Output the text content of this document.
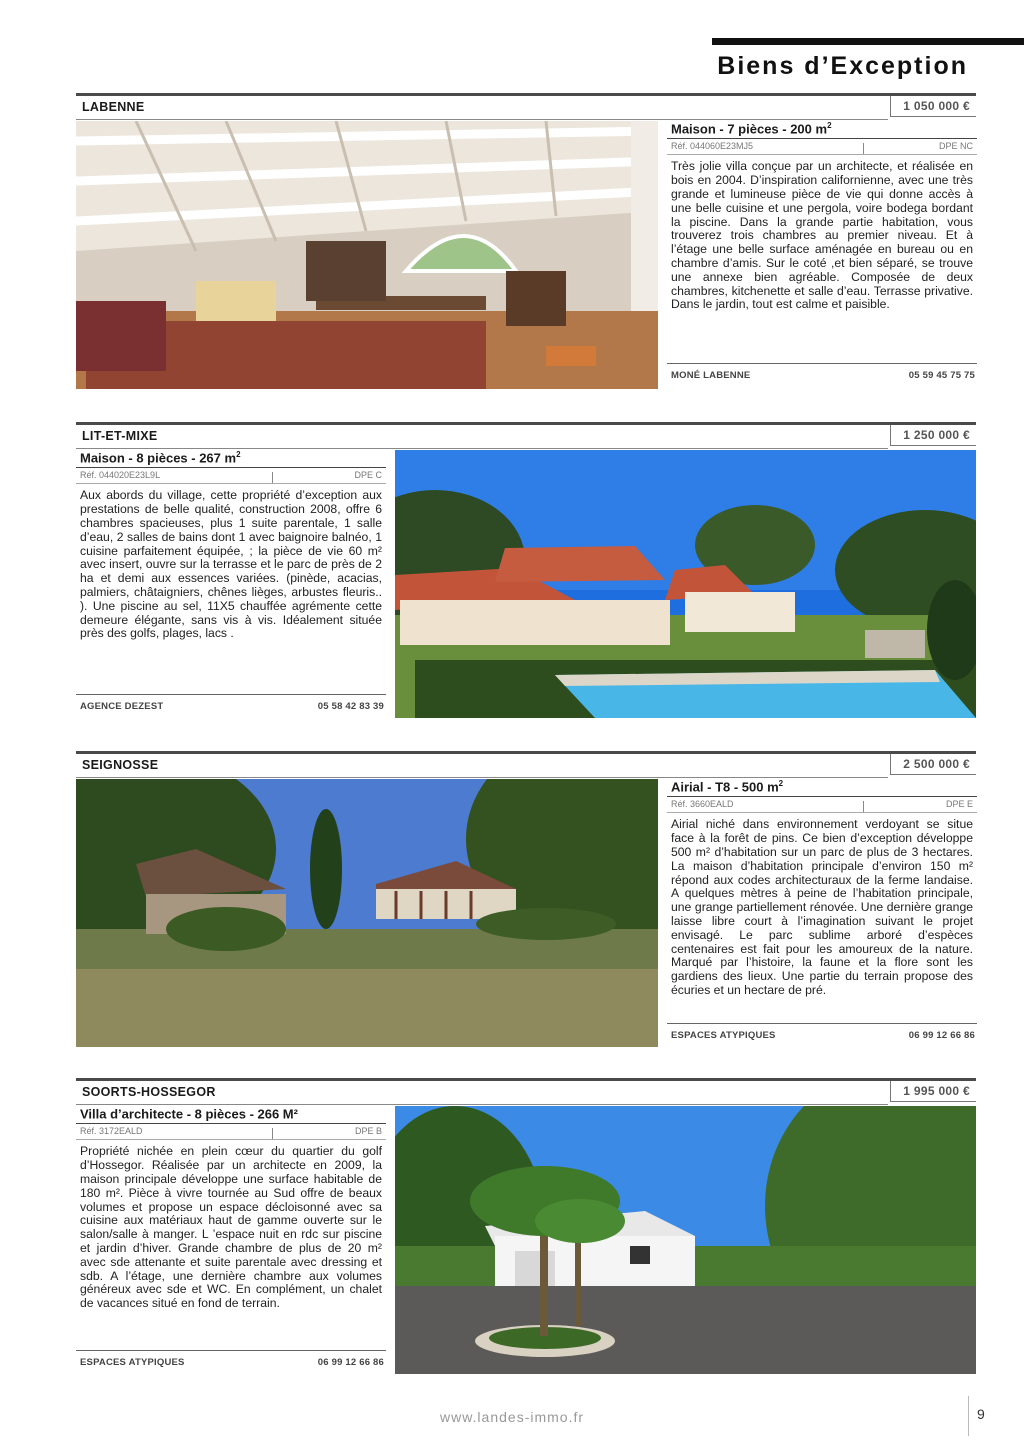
Biens d’Exception
LABENNE	1 050 000 €
Maison - 7 pièces - 200 $m^2$
Réf. 044060E23MJ5	DPE NC
Très jolie villa conçue par un architecte, et réalisée en bois en 2004. D’inspiration californienne, avec une très grande et lumineuse pièce de vie qui donne accès à une belle cuisine et une pergola, voire bodega bordant la piscine. Dans la grande partie habitation, vous trouverez trois chambres au premier niveau. Et à l’étage une belle surface aménagée en bureau ou en chambre d’amis. Sur le coté ,et bien séparé, se trouve une annexe bien agréable. Composée de deux chambres, kitchenette et salle d’eau. Terrasse privative. Dans le jardin, tout est calme et paisible.
MONÉ LABENNE	05 59 45 75 75
LIT-ET-MIXE	1 250 000 €
Maison - 8 pièces - 267 $m^2$
Réf. 044020E23L9L	DPE C
Aux abords du village, cette propriété d’exception aux prestations de belle qualité, construction 2008, offre 6 chambres spacieuses, plus 1 suite parentale, 1 salle d’eau, 2 salles de bains dont 1 avec baignoire balnéo, 1 cuisine parfaitement équipée, ; la pièce de vie 60 m² avec insert, ouvre sur la terrasse et le parc de près de 2 ha et demi aux essences variées. (pinède, acacias, palmiers, châtaigniers, chênes lièges, arbustes fleuris.. ). Une piscine au sel, 11X5 chauffée agrémente cette demeure élégante, sans vis à vis. Idéalement située près des golfs, plages, lacs .
AGENCE DEZEST	05 58 42 83 39
SEIGNOSSE	2 500 000 €
Airial - T8 - 500 $m^2$
Réf. 3660EALD	DPE E
Airial niché dans environnement verdoyant se situe face à la forêt de pins. Ce bien d’exception développe 500 m² d’habitation sur un parc de plus de 3 hectares. La maison d’habitation principale d’environ 150 m² répond aux codes architecturaux de la ferme landaise. A quelques mètres à peine de l’habitation principale, une grange partiellement rénovée. Une dernière grange laisse libre court à l’imagination suivant le projet envisagé. Le parc sublime arboré d’espèces centenaires est fait pour les amoureux de la nature. Marqué par l’histoire, la faune et la flore sont les gardiens des lieux. Une partie du terrain propose des écuries et un hectare de pré.
ESPACES ATYPIQUES	06 99 12 66 86
SOORTS-HOSSEGOR	1 995 000 €
Villa d’architecte - 8 pièces - 266 M²
Réf. 3172EALD	DPE B
Propriété nichée en plein cœur du quartier du golf d’Hossegor. Réalisée par un architecte en 2009, la maison principale développe une surface habitable de 180 m². Pièce à vivre tournée au Sud offre de beaux volumes et propose un espace décloisonné avec sa cuisine aux matériaux haut de gamme ouverte sur le salon/salle à manger. L ’espace nuit en rdc sur piscine et jardin d’hiver. Grande chambre de plus de 20 m² avec sde attenante et suite parentale avec dressing et sdb. A l’étage, une dernière chambre aux volumes généreux avec sde et WC. En complément, un chalet de vacances situé en fond de terrain.
ESPACES ATYPIQUES	06 99 12 66 86
www.landes-immo.fr	9
